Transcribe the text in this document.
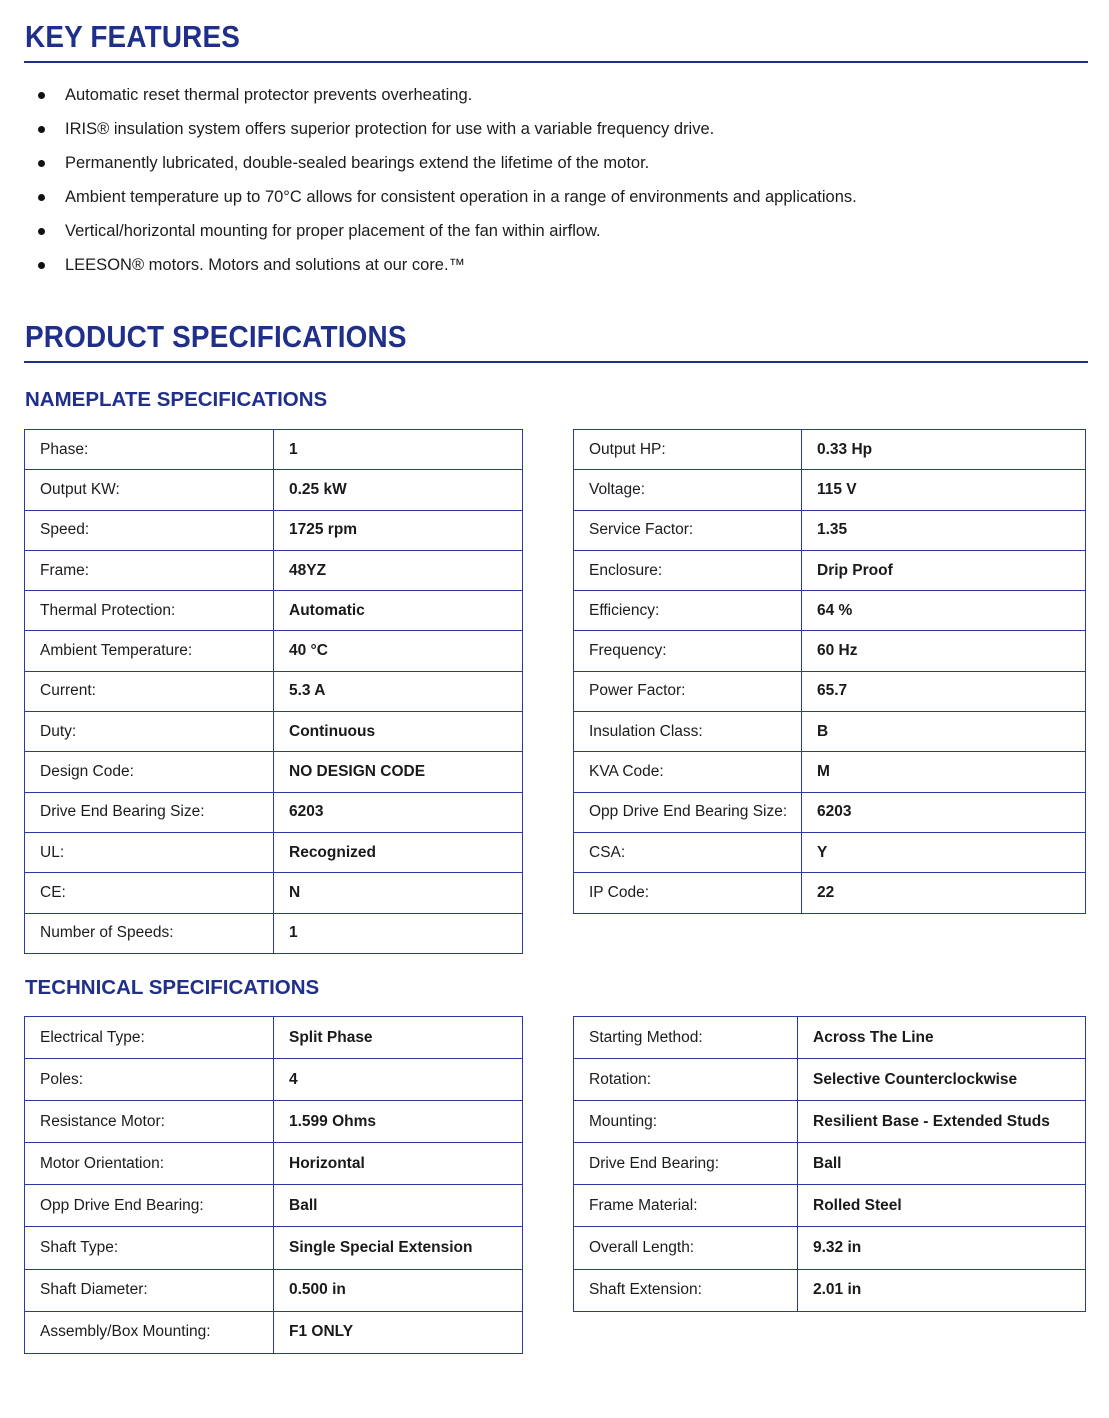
KEY FEATURES
Automatic reset thermal protector prevents overheating.
IRIS® insulation system offers superior protection for use with a variable frequency drive.
Permanently lubricated, double-sealed bearings extend the lifetime of the motor.
Ambient temperature up to 70°C allows for consistent operation in a range of environments and applications.
Vertical/horizontal mounting for proper placement of the fan within airflow.
LEESON® motors. Motors and solutions at our core.™
PRODUCT SPECIFICATIONS
NAMEPLATE SPECIFICATIONS
Phase:	1
Output KW:	0.25 kW
Speed:	1725 rpm
Frame:	48YZ
Thermal Protection:	Automatic
Ambient Temperature:	40 °C
Current:	5.3 A
Duty:	Continuous
Design Code:	NO DESIGN CODE
Drive End Bearing Size:	6203
UL:	Recognized
CE:	N
Number of Speeds:	1
Output HP:	0.33 Hp
Voltage:	115 V
Service Factor:	1.35
Enclosure:	Drip Proof
Efficiency:	64 %
Frequency:	60 Hz
Power Factor:	65.7
Insulation Class:	B
KVA Code:	M
Opp Drive End Bearing Size:	6203
CSA:	Y
IP Code:	22
TECHNICAL SPECIFICATIONS
Electrical Type:	Split Phase
Poles:	4
Resistance Motor:	1.599 Ohms
Motor Orientation:	Horizontal
Opp Drive End Bearing:	Ball
Shaft Type:	Single Special Extension
Shaft Diameter:	0.500 in
Assembly/Box Mounting:	F1 ONLY
Starting Method:	Across The Line
Rotation:	Selective Counterclockwise
Mounting:	Resilient Base - Extended Studs
Drive End Bearing:	Ball
Frame Material:	Rolled Steel
Overall Length:	9.32 in
Shaft Extension:	2.01 in
